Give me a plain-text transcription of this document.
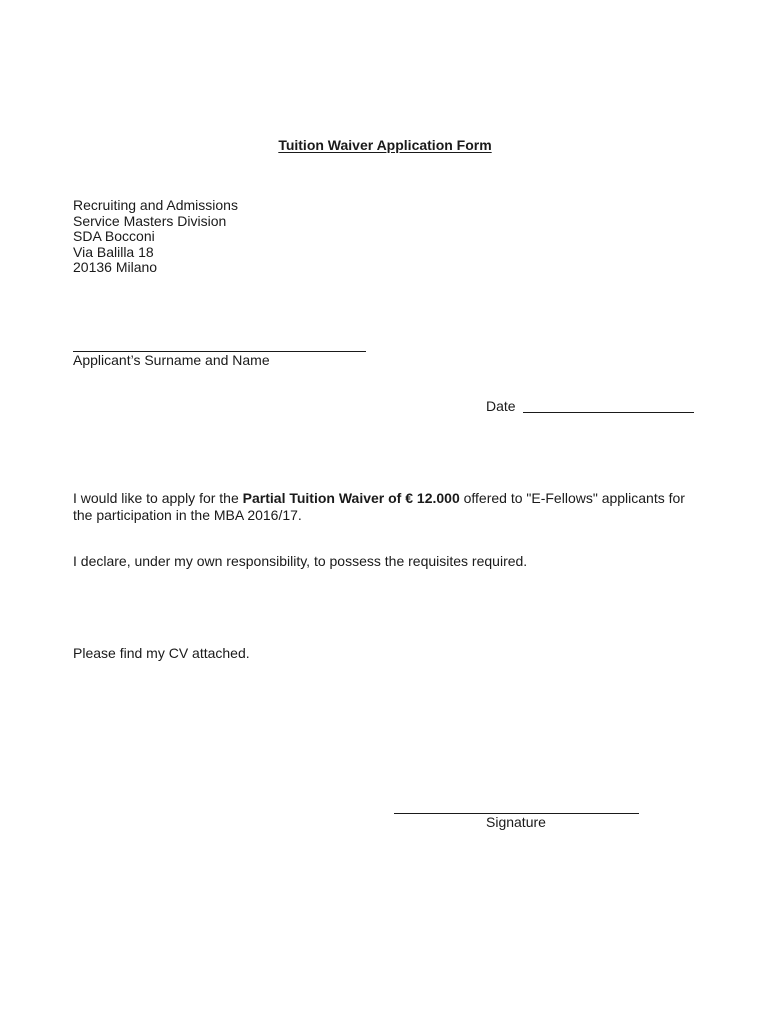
Tuition Waiver Application Form
Recruiting and Admissions
Service Masters Division
SDA Bocconi
Via Balilla 18
20136 Milano
Applicant’s Surname and Name
Date
I would like to apply for the Partial Tuition Waiver of € 12.000 offered to "E-Fellows" applicants for the participation in the MBA 2016/17.
I declare, under my own responsibility, to possess the requisites required.
Please find my CV attached.
Signature
